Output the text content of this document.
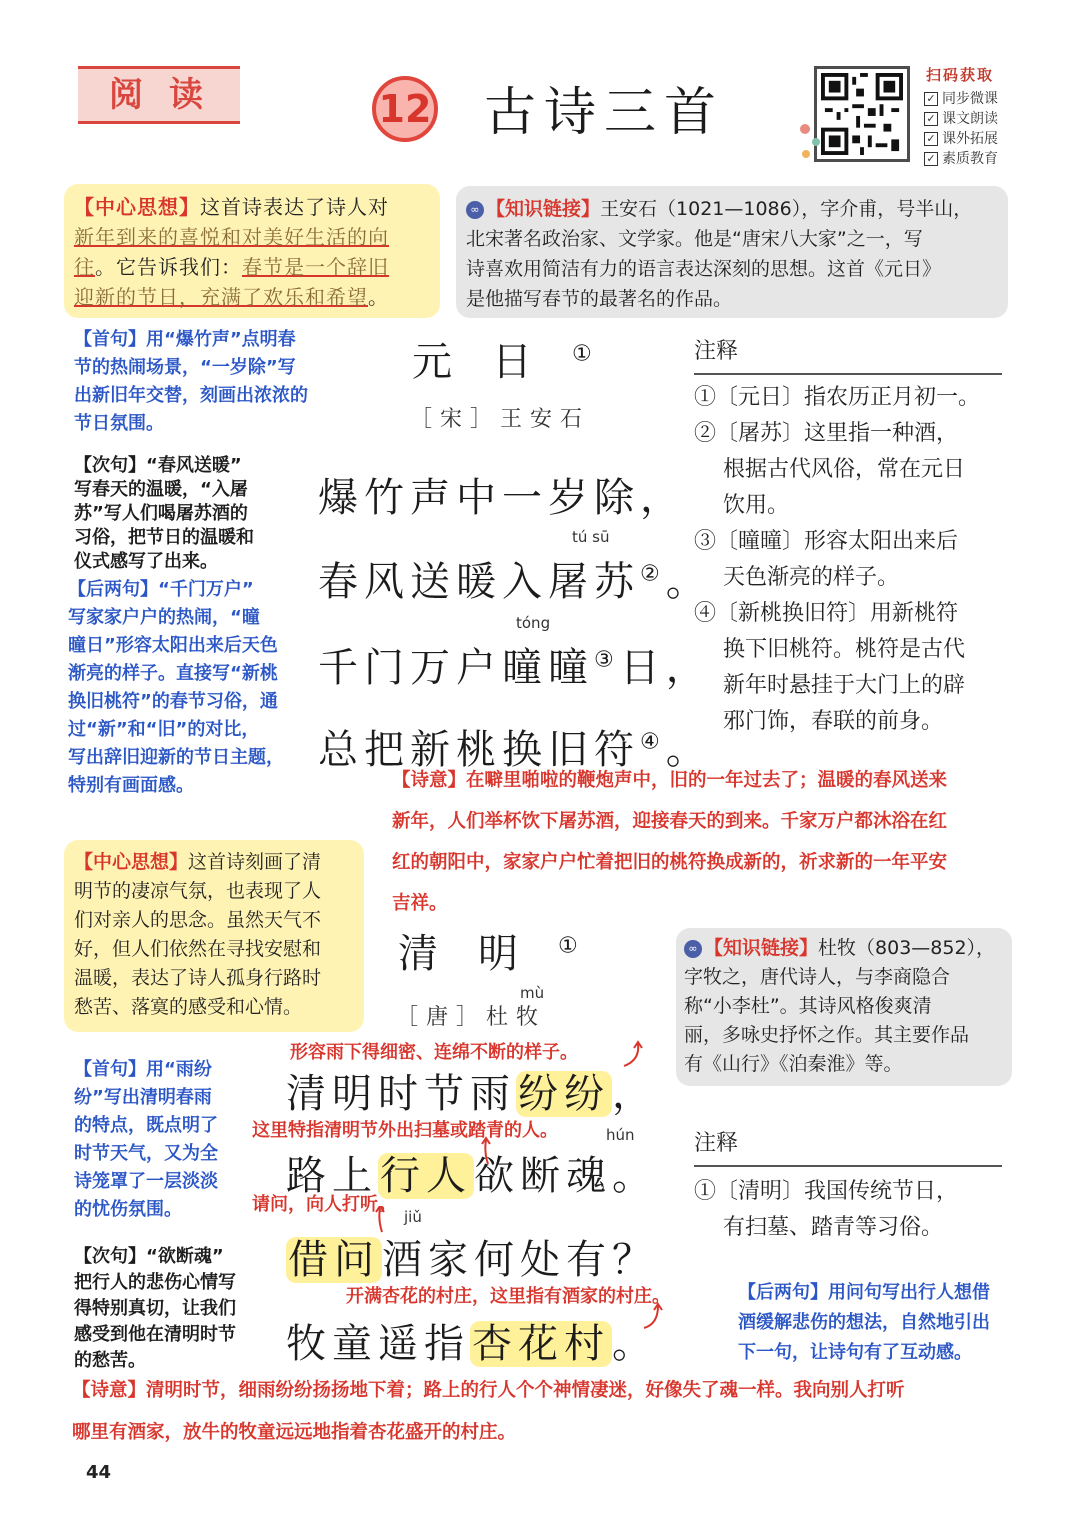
阅读	12 古诗三首
扫码获取
✓ 同步微课
✓ 课文朗读
✓ 课外拓展
✓ 素质教育
【中心思想】这首诗表达了诗人对
新年到来的喜悦和对美好生活的向
往。它告诉我们：春节是一个辞旧
迎新的节日，充满了欢乐和希望。
∞ 【知识链接】王安石（1021—1086），字介甫，号半山，
北宋著名政治家、文学家。他是“唐宋八大家”之一，写
诗喜欢用简洁有力的语言表达深刻的思想。这首《元日》
是他描写春节的最著名的作品。
【首句】用“爆竹声”点明春
节的热闹场景，“一岁除”写
出新旧年交替，刻画出浓浓的
节日氛围。
【次句】“春风送暖”
写春天的温暖，“入屠
苏”写人们喝屠苏酒的
习俗，把节日的温暖和
仪式感写了出来。
【后两句】“千门万户”
写家家户户的热闹，“曈
曈日”形容太阳出来后天色
渐亮的样子。直接写“新桃
换旧桃符”的春节习俗，通
过“新”和“旧”的对比，
写出辞旧迎新的节日主题，
特别有画面感。
元日①
［宋］王安石
爆竹声中一岁除，
tú sū
春风送暖入屠苏②。
tóng
千门万户曈曈③日，
总把新桃换旧符④。
注释
①〔元日〕指农历正月初一。
②〔屠苏〕这里指一种酒，
　 根据古代风俗，常在元日
　 饮用。
③〔曈曈〕形容太阳出来后
　 天色渐亮的样子。
④〔新桃换旧符〕用新桃符
　 换下旧桃符。桃符是古代
　 新年时悬挂于大门上的辟
　 邪门饰，春联的前身。
【诗意】在噼里啪啦的鞭炮声中，旧的一年过去了；温暖的春风送来
新年，人们举杯饮下屠苏酒，迎接春天的到来。千家万户都沐浴在红
红的朝阳中，家家户户忙着把旧的桃符换成新的，祈求新的一年平安
吉祥。
【中心思想】这首诗刻画了清
明节的凄凉气氛，也表现了人
们对亲人的思念。虽然天气不
好，但人们依然在寻找安慰和
温暖，表达了诗人孤身行路时
愁苦、落寞的感受和心情。
清明①
mù
［唐］杜牧
∞ 【知识链接】杜牧（803—852），
字牧之，唐代诗人，与李商隐合
称“小李杜”。其诗风格俊爽清
丽，多咏史抒怀之作。其主要作品
有《山行》《泊秦淮》等。
【首句】用“雨纷
纷”写出清明春雨
的特点，既点明了
时节天气，又为全
诗笼罩了一层淡淡
的忧伤氛围。
【次句】“欲断魂”
把行人的悲伤心情写
得特别真切，让我们
感受到他在清明时节
的愁苦。
形容雨下得细密、连绵不断的样子。
清明时节雨纷纷，
这里特指清明节外出扫墓或踏青的人。	hún
路上行人欲断魂。
请问，向人打听。
jiǔ
借问酒家何处有？
开满杏花的村庄，这里指有酒家的村庄。
牧童遥指杏花村。
注释
①〔清明〕我国传统节日，
　 有扫墓、踏青等习俗。
【后两句】用问句写出行人想借
酒缓解悲伤的想法，自然地引出
下一句，让诗句有了互动感。
【诗意】清明时节，细雨纷纷扬扬地下着；路上的行人个个神情凄迷，好像失了魂一样。我向别人打听
哪里有酒家，放牛的牧童远远地指着杏花盛开的村庄。
44
